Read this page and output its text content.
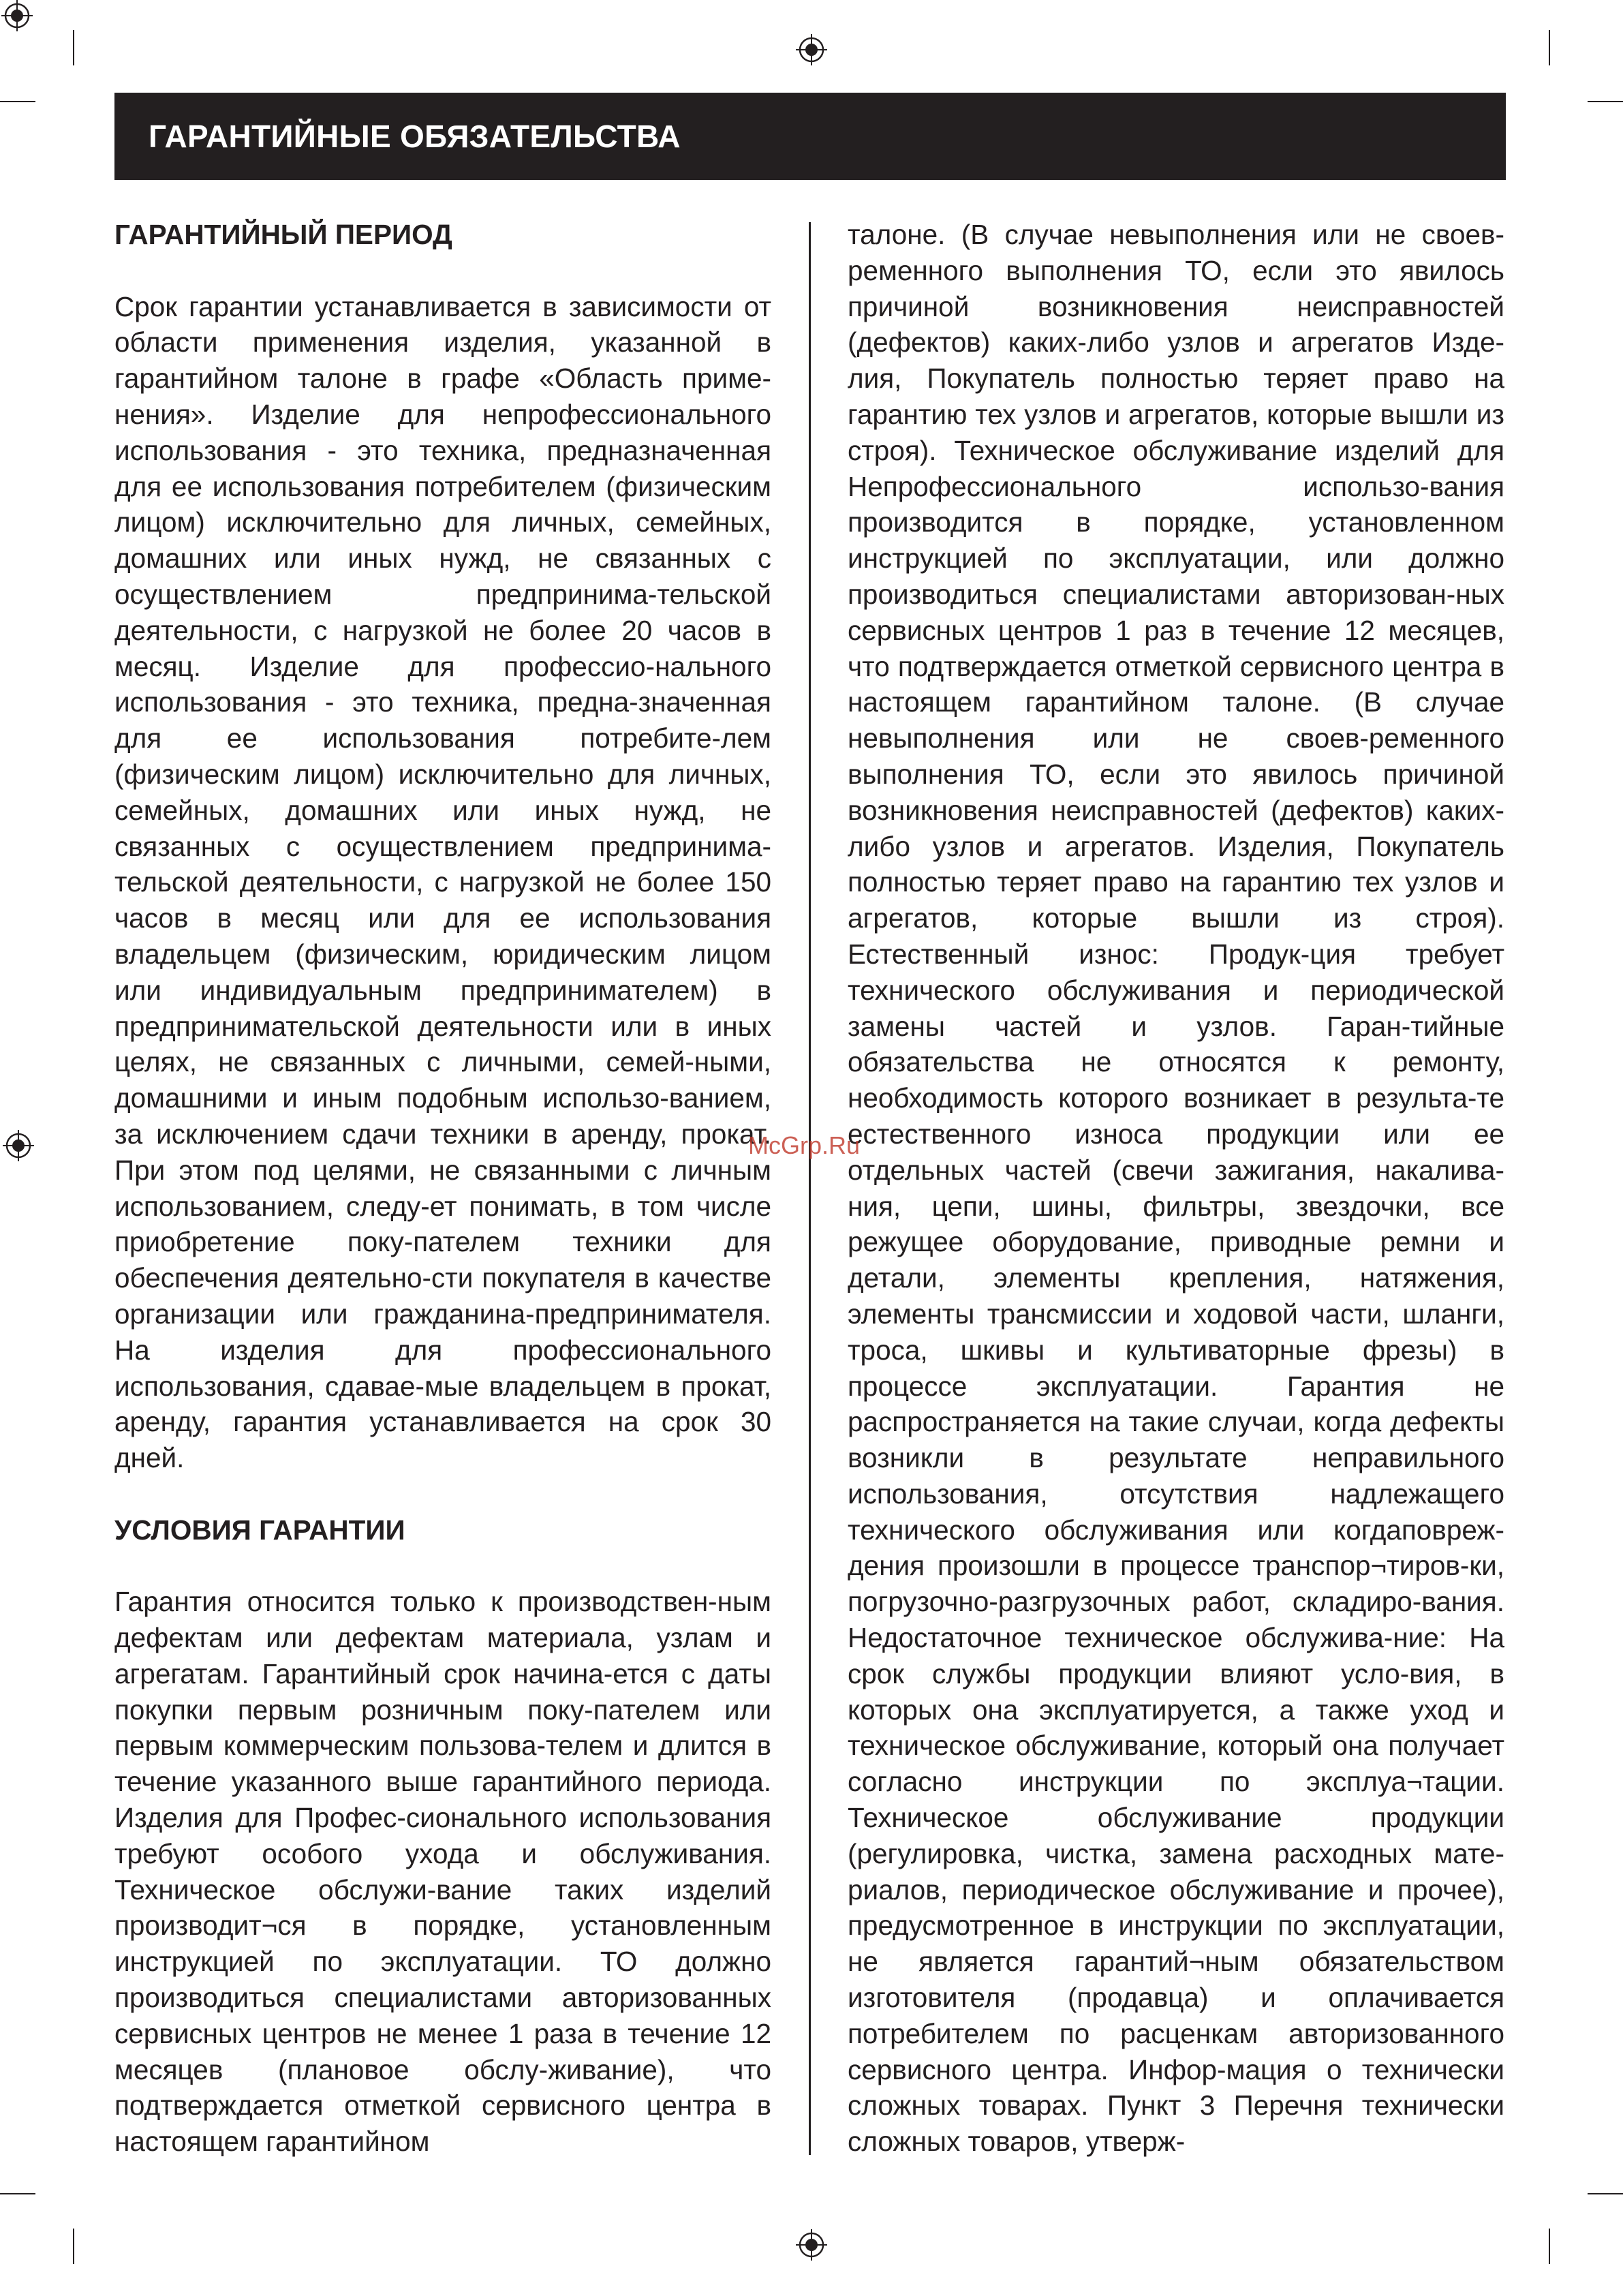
ГАРАНТИЙНЫЕ ОБЯЗАТЕЛЬСТВА
ГАРАНТИЙНЫЙ ПЕРИОД

Срок гарантии устанавливается в зависимости от области применения изделия, указанной в гарантийном талоне в графе «Область приме-нения». Изделие для непрофессионального использования - это техника, предназначенная для ее использования потребителем (физическим лицом) исключительно для личных, семейных, домашних или иных нужд, не связанных с осуществлением предпринима-тельской деятельности, с нагрузкой не более 20 часов в месяц. Изделие для профессио-нального использования - это техника, предна-значенная для ее использования потребите-лем (физическим лицом) исключительно для личных, семейных, домашних или иных нужд, не связанных с осуществлением предпринима-тельской деятельности, с нагрузкой не более 150 часов в месяц или для ее использования владельцем (физическим, юридическим лицом или индивидуальным предпринимателем) в предпринимательской деятельности или в иных целях, не связанных с личными, семей-ными, домашними и иным подобным использо-ванием, за исключением сдачи техники в аренду, прокат. При этом под целями, не связанными с личным использованием, следу-ет понимать, в том числе приобретение поку-пателем техники для обеспечения деятельно-сти покупателя в качестве организации или гражданина-предпринимателя. На изделия для профессионального использования, сдавае-мые владельцем в прокат, аренду, гарантия устанавливается на срок 30 дней.

УСЛОВИЯ ГАРАНТИИ

Гарантия относится только к производствен-ным дефектам или дефектам материала, узлам и агрегатам. Гарантийный срок начина-ется с даты покупки первым розничным поку-пателем или первым коммерческим пользова-телем и длится в течение указанного выше гарантийного периода. Изделия для Профес-сионального использования требуют особого ухода и обслуживания. Техническое обслужи-вание таких изделий производит¬ся в порядке, установленным инструкцией по эксплуатации. ТО должно производиться специалистами авторизованных сервисных центров не менее 1 раза в течение 12 месяцев (плановое обслу-живание), что подтверждается отметкой сервисного центра в настоящем гарантийном

талоне. (В случае невыполнения или не своев-ременного выполнения ТО, если это явилось причиной возникновения неисправностей (дефектов) каких-либо узлов и агрегатов Изде-лия, Покупатель полностью теряет право на гарантию тех узлов и агрегатов, которые вышли из строя). Техническое обслуживание изделий для Непрофессионального использо-вания производится в порядке, установленном инструкцией по эксплуатации, или должно производиться специалистами авторизован-ных сервисных центров 1 раз в течение 12 месяцев, что подтверждается отметкой сервисного центра в настоящем гарантийном талоне. (В случае невыполнения или не своев-ременного выполнения ТО, если это явилось причиной возникновения неисправностей (дефектов) каких-либо узлов и агрегатов. Изделия, Покупатель полностью теряет право на гарантию тех узлов и агрегатов, которые вышли из строя). Естественный износ: Продук-ция требует технического обслуживания и периодической замены частей и узлов. Гаран-тийные обязательства не относятся к ремонту, необходимость которого возникает в результа-те естественного износа продукции или ее отдельных частей (свечи зажигания, накалива-ния, цепи, шины, фильтры, звездочки, все режущее оборудование, приводные ремни и детали, элементы крепления, натяжения, элементы трансмиссии и ходовой части, шланги, троса, шкивы и культиваторные фрезы) в процессе эксплуатации. Гарантия не распространяется на такие случаи, когда дефекты возникли в результате неправильного использования, отсутствия надлежащего технического обслуживания или когдаповреж-дения произошли в процессе транспор¬тиров-ки, погрузочно-разгрузочных работ, складиро-вания. Недостаточное техническое обслужива-ние: На срок службы продукции влияют усло-вия, в которых она эксплуатируется, а также уход и техническое обслуживание, который она получает согласно инструкции по эксплуа¬тации. Техническое обслуживание продукции (регулировка, чистка, замена расходных мате-риалов, периодическое обслуживание и прочее), предусмотренное в инструкции по эксплуатации, не является гарантий¬ным обязательством изготовителя (продавца) и оплачивается потребителем по расценкам авторизованного сервисного центра. Инфор-мация о технически сложных товарах. Пункт 3 Перечня технически сложных товаров, утверж-

McGrp.Ru
